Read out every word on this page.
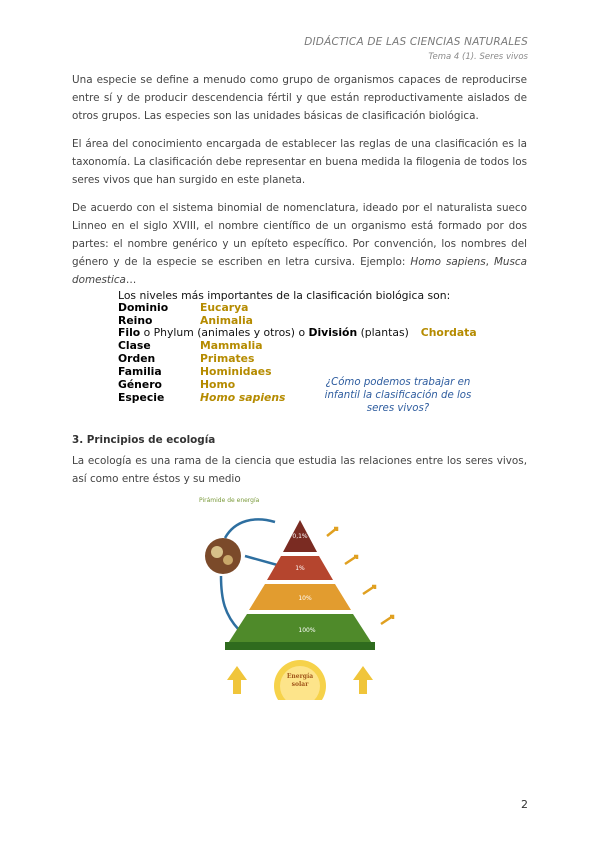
DIDÁCTICA DE LAS CIENCIAS NATURALES
Tema 4 (1). Seres vivos

Una especie se define a menudo como grupo de organismos capaces de reproducirse entre sí y de producir descendencia fértil y que están reproductivamente aislados de otros grupos. Las especies son las unidades básicas de clasificación biológica.

El área del conocimiento encargada de establecer las reglas de una clasificación es la taxonomía. La clasificación debe representar en buena medida la filogenia de todos los seres vivos que han surgido en este planeta.

De acuerdo con el sistema binomial de nomenclatura, ideado por el naturalista sueco Linneo en el siglo XVIII, el nombre científico de un organismo está formado por dos partes: el nombre genérico y un epíteto específico. Por convención, los nombres del género y de la especie se escriben en letra cursiva. Ejemplo: Homo sapiens, Musca domestica…

Los niveles más importantes de la clasificación biológica son:
Dominio	Eucarya
Reino	Animalia
Filo o Phylum (animales y otros) o División (plantas) Chordata
Clase	Mammalia
Orden	Primates
Familia	Hominidaes
Género	Homo
Especie	Homo sapiens
¿Cómo podemos trabajar en infantil la clasificación de los seres vivos?
3. Principios de ecología

La ecología es una rama de la ciencia que estudia las relaciones entre los seres vivos, así como entre éstos y su medio

Pirámide de energía
0,1%
1%
10%
100%
Energía
solar
2
